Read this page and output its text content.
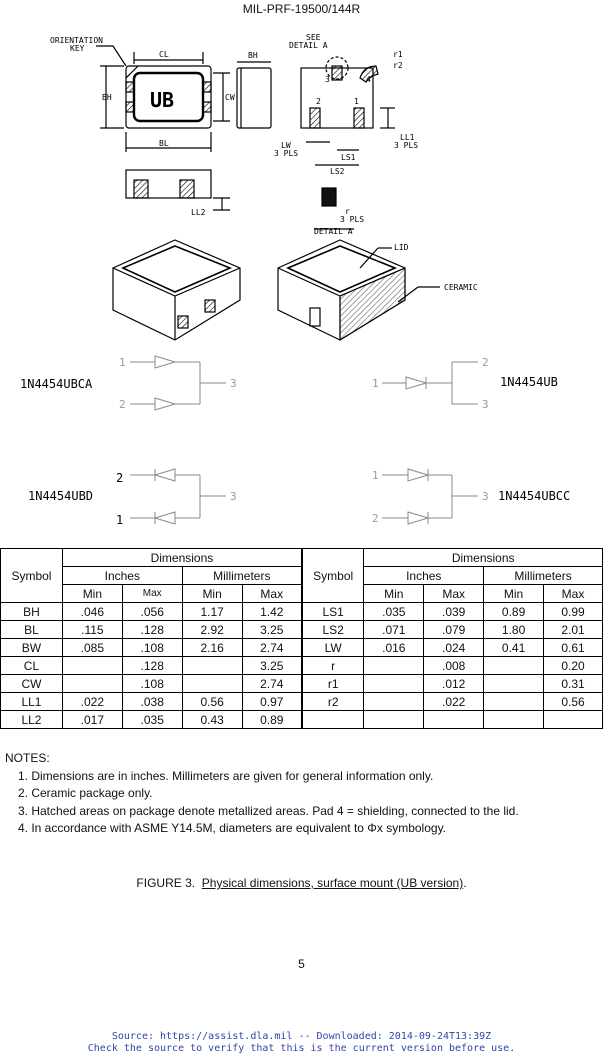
MIL-PRF-19500/144R
ORIENTATION
KEY
CL	BH
BH	CW
BL
UB
SEE
DETAIL A
r1
r2
3	4
2	1
LW
3 PLS
LL1
3 PLS
LS1
LS2
LL2	r
3 PLS
DETAIL A
LID
CERAMIC
1
2
3	1
2
3
3
1
2
3
2
1
1N4454UBCA	1N4454UB
1N4454UBD	1N4454UBCC
Symbol	Dimensions				Symbol	Dimensions			
	Inches		Millimeters			Inches		Millimeters	
	Min	Max	Min	Max		Min	Max	Min	Max
BH	.046	.056	1.17	1.42	LS1	.035	.039	0.89	0.99
BL	.115	.128	2.92	3.25	LS2	.071	.079	1.80	2.01
BW	.085	.108	2.16	2.74	LW	.016	.024	0.41	0.61
CL		.128		3.25	r		.008		0.20
CW		.108		2.74	r1		.012		0.31
LL1	.022	.038	0.56	0.97	r2		.022		0.56
LL2	.017	.035	0.43	0.89					
NOTES:
1. Dimensions are in inches. Millimeters are given for general information only.
2. Ceramic package only.
3. Hatched areas on package denote metallized areas. Pad 4 = shielding, connected to the lid.
4. In accordance with ASME Y14.5M, diameters are equivalent to Φx symbology.
FIGURE 3. Physical dimensions, surface mount (UB version).
5
Source: https://assist.dla.mil -- Downloaded: 2014-09-24T13:39Z
Check the source to verify that this is the current version before use.
